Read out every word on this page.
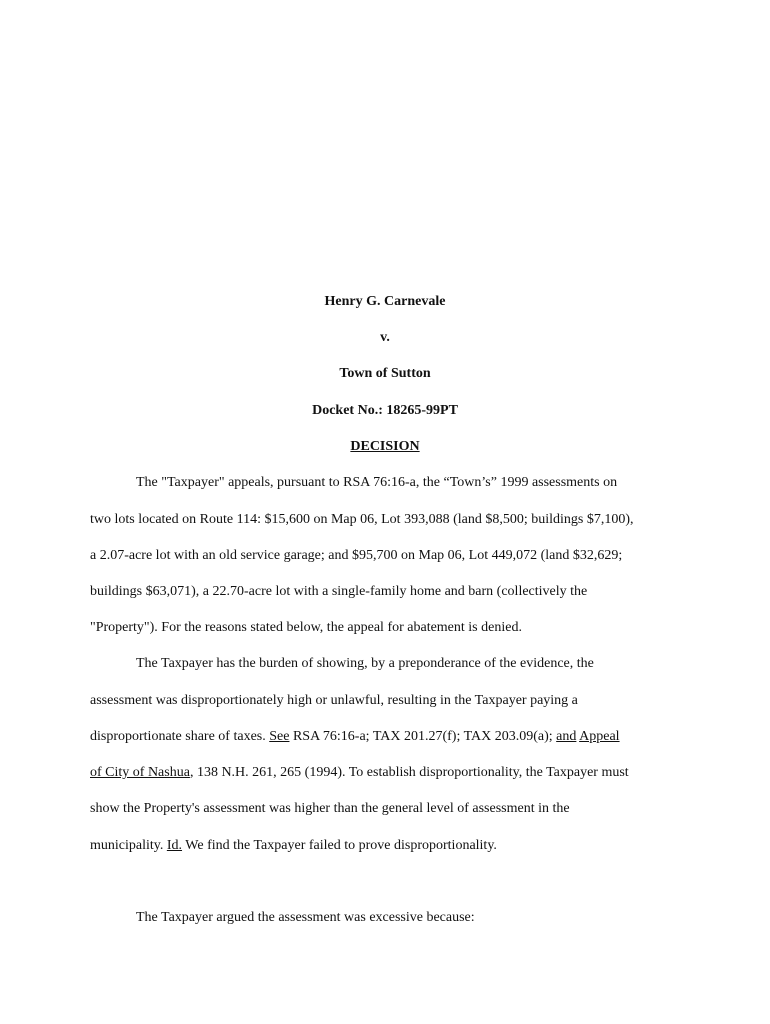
Henry G. Carnevale
v.
Town of Sutton
Docket No.: 18265-99PT
DECISION
The "Taxpayer" appeals, pursuant to RSA 76:16-a, the “Town’s” 1999 assessments on
two lots located on Route 114: $15,600 on Map 06, Lot 393,088 (land $8,500; buildings $7,100),
a 2.07-acre lot with an old service garage; and $95,700 on Map 06, Lot 449,072 (land $32,629;
buildings $63,071), a 22.70-acre lot with a single-family home and barn (collectively the
"Property"). For the reasons stated below, the appeal for abatement is denied.
The Taxpayer has the burden of showing, by a preponderance of the evidence, the
assessment was disproportionately high or unlawful, resulting in the Taxpayer paying a
disproportionate share of taxes. See RSA 76:16-a; TAX 201.27(f); TAX 203.09(a); and Appeal
of City of Nashua, 138 N.H. 261, 265 (1994). To establish disproportionality, the Taxpayer must
show the Property's assessment was higher than the general level of assessment in the
municipality. Id. We find the Taxpayer failed to prove disproportionality.
The Taxpayer argued the assessment was excessive because:
